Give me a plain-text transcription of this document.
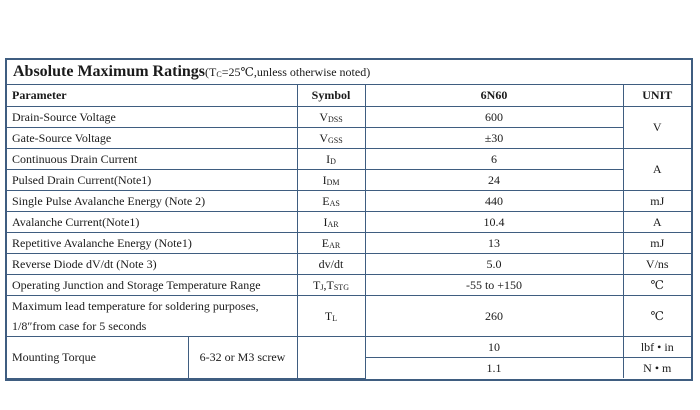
Absolute Maximum Ratings ($T_C=25℃,unless$ otherwise noted)
Parameter		Symbol	6N60	UNIT
Drain-Source Voltage		$V_{DSS}$	600	V
Gate-Source Voltage		$V_{GSS}$	±30	
Continuous Drain Current		$I_D$	6	A
Pulsed Drain Current(Note1)		$I_{DM}$	24	
Single Pulse Avalanche Energy (Note 2)		$E_{AS}$	440	mJ
Avalanche Current(Note1)		$I_{AR}$	10.4	A
Repetitive Avalanche Energy (Note1)		$E_{AR}$	13	mJ
Reverse Diode dV/dt (Note 3)		dv/dt	5.0	V/ns
Operating Junction and Storage Temperature Range		$T_J,T_{STG}$	-55 to +150	℃
Maximum lead temperature for soldering purposes, 1/8″from case for 5 seconds		$T_L$	260	℃
Mounting Torque	6-32 or M3 screw		10	lbf • in
			1.1	N • m
